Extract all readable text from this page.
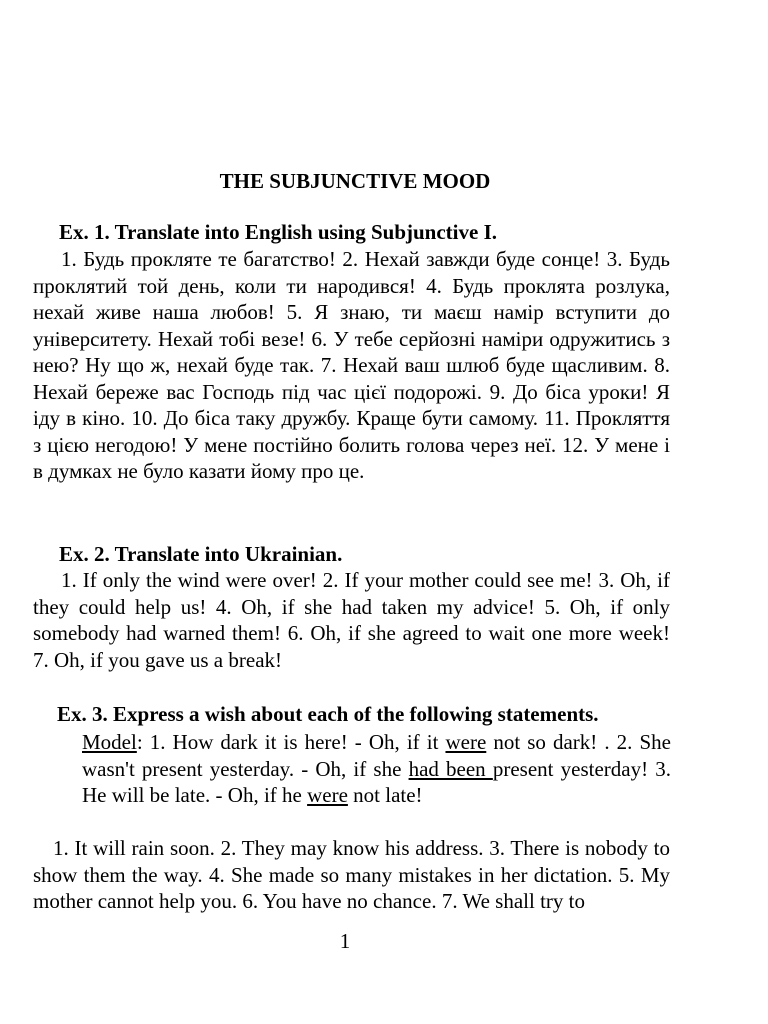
THE SUBJUNCTIVE MOOD
Ex. 1. Translate into English using Subjunctive I.
1. Будь прокляте те багатство! 2. Нехай завжди буде сонце! 3. Будь проклятий той день, коли ти народився! 4. Будь проклята розлука, нехай живе наша любов! 5. Я знаю, ти маєш намір вступити до університету. Нехай тобі везе! 6. У тебе серйозні наміри одружитись з нею? Ну що ж, нехай буде так. 7. Нехай ваш шлюб буде щасливим. 8. Нехай береже вас Господь під час цієї подорожі. 9. До біса уроки! Я іду в кіно. 10. До біса таку дружбу. Краще бути самому. 11. Прокляття з цією негодою! У мене постійно болить голова через неї. 12. У мене і в думках не було казати йому про це.
Ex. 2. Translate into Ukrainian.
1. If only the wind were over! 2. If your mother could see me! 3. Oh, if they could help us! 4. Oh, if she had taken my advice! 5. Oh, if only somebody had warned them! 6. Oh, if she agreed to wait one more week! 7. Oh, if you gave us a break!
Ex. 3. Express a wish about each of the following statements.
Model: 1. How dark it is here! - Oh, if it were not so dark! . 2. She wasn't present yesterday. - Oh, if she had been present yesterday! 3. He will be late. - Oh, if he were not late!
1. It will rain soon. 2. They may know his address. 3. There is nobody to show them the way. 4. She made so many mistakes in her dictation. 5. My mother cannot help you. 6. You have no chance. 7. We shall try to
1
